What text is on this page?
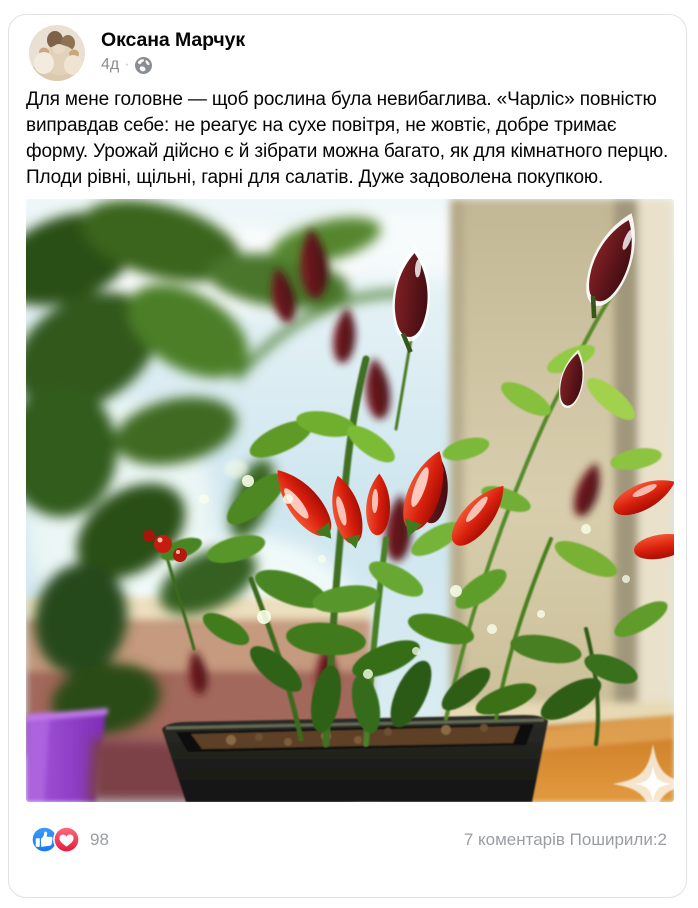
Оксана Марчук
4д ·
Для мене головне — щоб рослина була невибаглива. «Чарліс» повністю виправдав себе: не реагує на сухе повітря, не жовтіє, добре тримає форму. Урожай дійсно є й зібрати можна багато, як для кімнатного перцю. Плоди рівні, щільні, гарні для салатів. Дуже задоволена покупкою.
98	7 коментарів Поширили:2
